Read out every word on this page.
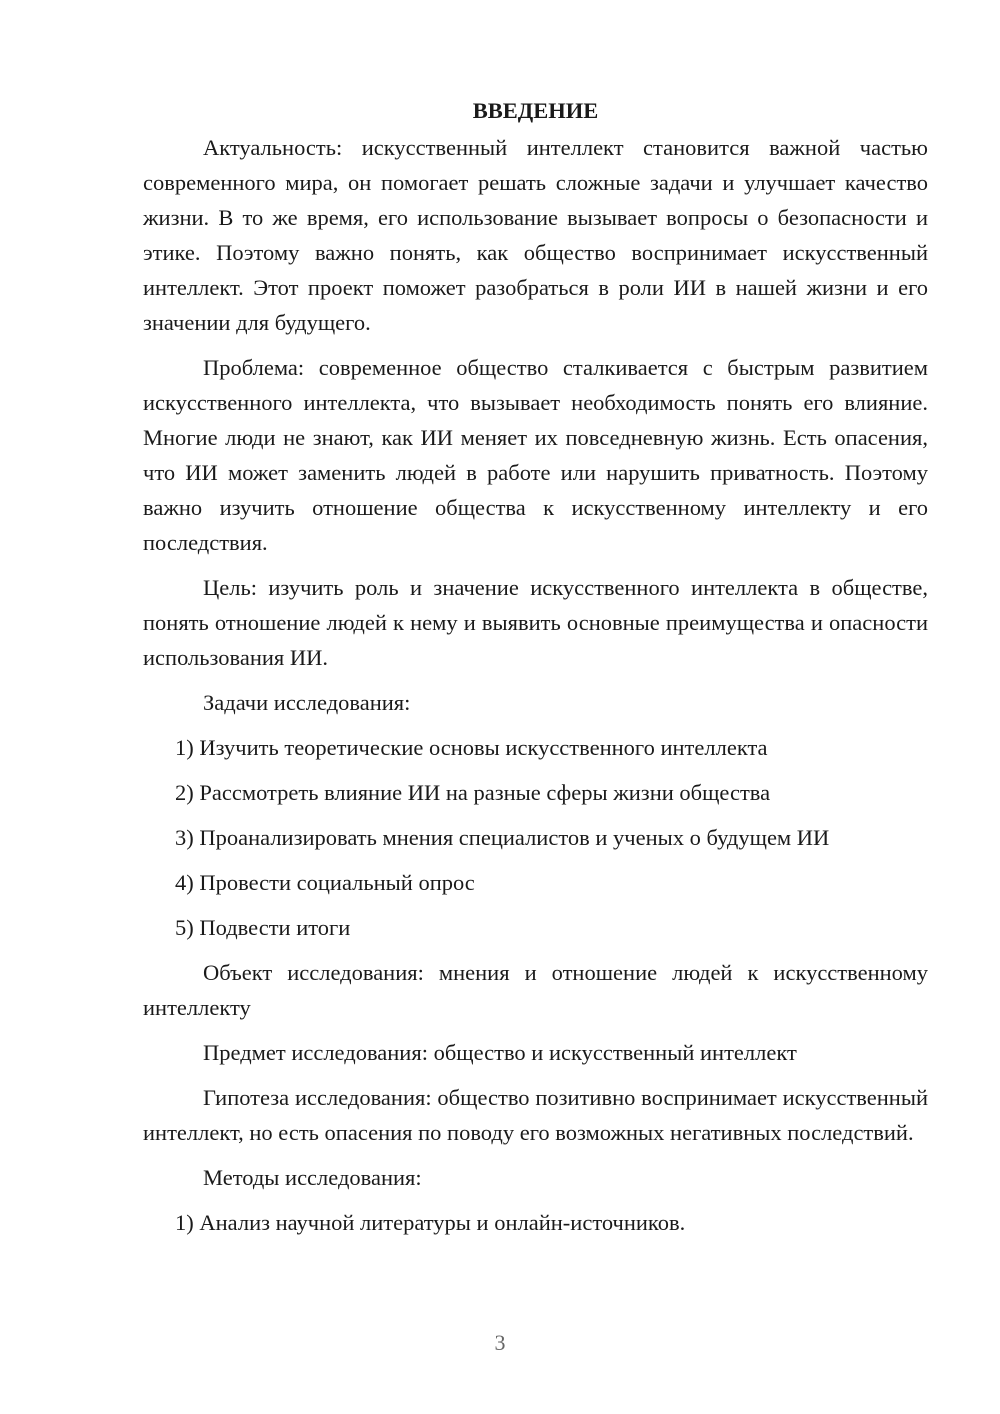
ВВЕДЕНИЕ

Актуальность: искусственный интеллект становится важной частью современного мира, он помогает решать сложные задачи и улучшает качество жизни. В то же время, его использование вызывает вопросы о безопасности и этике. Поэтому важно понять, как общество воспринимает искусственный интеллект. Этот проект поможет разобраться в роли ИИ в нашей жизни и его значении для будущего.

Проблема: современное общество сталкивается с быстрым развитием искусственного интеллекта, что вызывает необходимость понять его влияние. Многие люди не знают, как ИИ меняет их повседневную жизнь. Есть опасения, что ИИ может заменить людей в работе или нарушить приватность. Поэтому важно изучить отношение общества к искусственному интеллекту и его последствия.

Цель: изучить роль и значение искусственного интеллекта в обществе, понять отношение людей к нему и выявить основные преимущества и опасности использования ИИ.

Задачи исследования:

1) Изучить теоретические основы искусственного интеллекта

2) Рассмотреть влияние ИИ на разные сферы жизни общества

3) Проанализировать мнения специалистов и ученых о будущем ИИ

4) Провести социальный опрос

5) Подвести итоги

Объект исследования: мнения и отношение людей к искусственному интеллекту

Предмет исследования: общество и искусственный интеллект

Гипотеза исследования: общество позитивно воспринимает искусственный интеллект, но есть опасения по поводу его возможных негативных последствий.

Методы исследования:

1) Анализ научной литературы и онлайн-источников.

3
